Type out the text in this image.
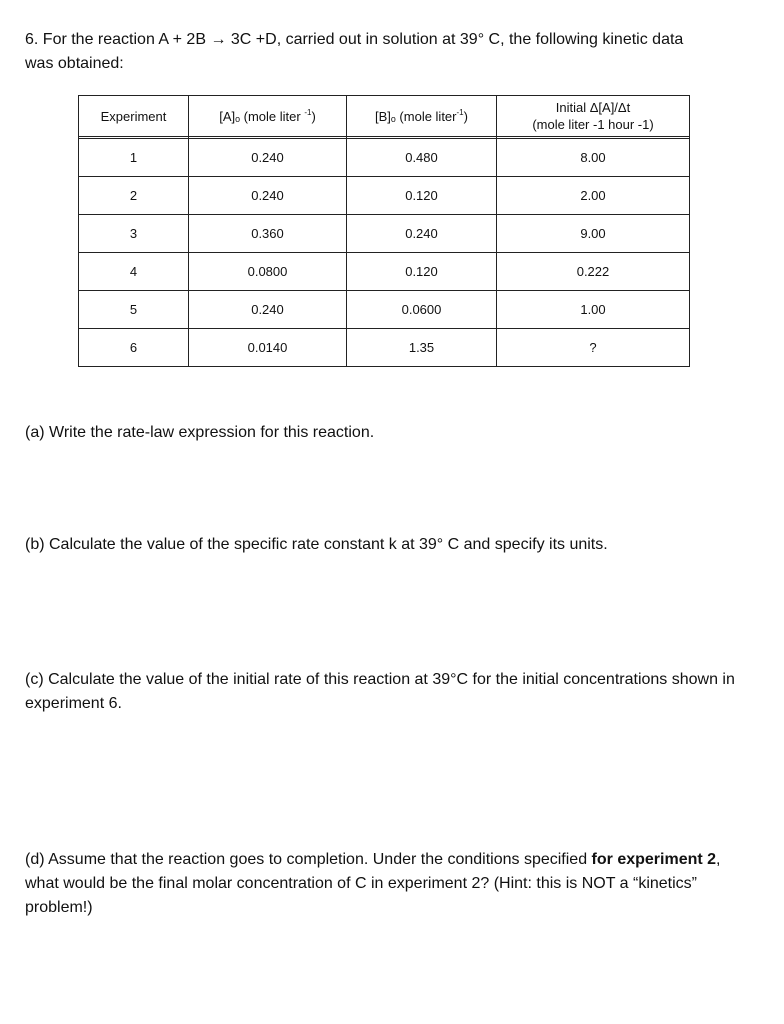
6. For the reaction A + 2B → 3C +D, carried out in solution at 39° C, the following kinetic data
was obtained:
Experiment	[A]ₒ (mole liter $^{-1}$)	[B]ₒ (mole liter$^{-1}$)	Initial Δ[A]/Δt
(mole liter -1 hour -1)

1	0.240	0.480	8.00
2	0.240	0.120	2.00
3	0.360	0.240	9.00
4	0.0800	0.120	0.222
5	0.240	0.0600	1.00
6	0.0140	1.35	?
(a) Write the rate-law expression for this reaction.
(b) Calculate the value of the specific rate constant k at 39° C and specify its units.
(c) Calculate the value of the initial rate of this reaction at 39°C for the initial concentrations shown in experiment 6.
(d) Assume that the reaction goes to completion. Under the conditions specified for experiment 2, what would be the final molar concentration of C in experiment 2? (Hint: this is NOT a “kinetics” problem!)
